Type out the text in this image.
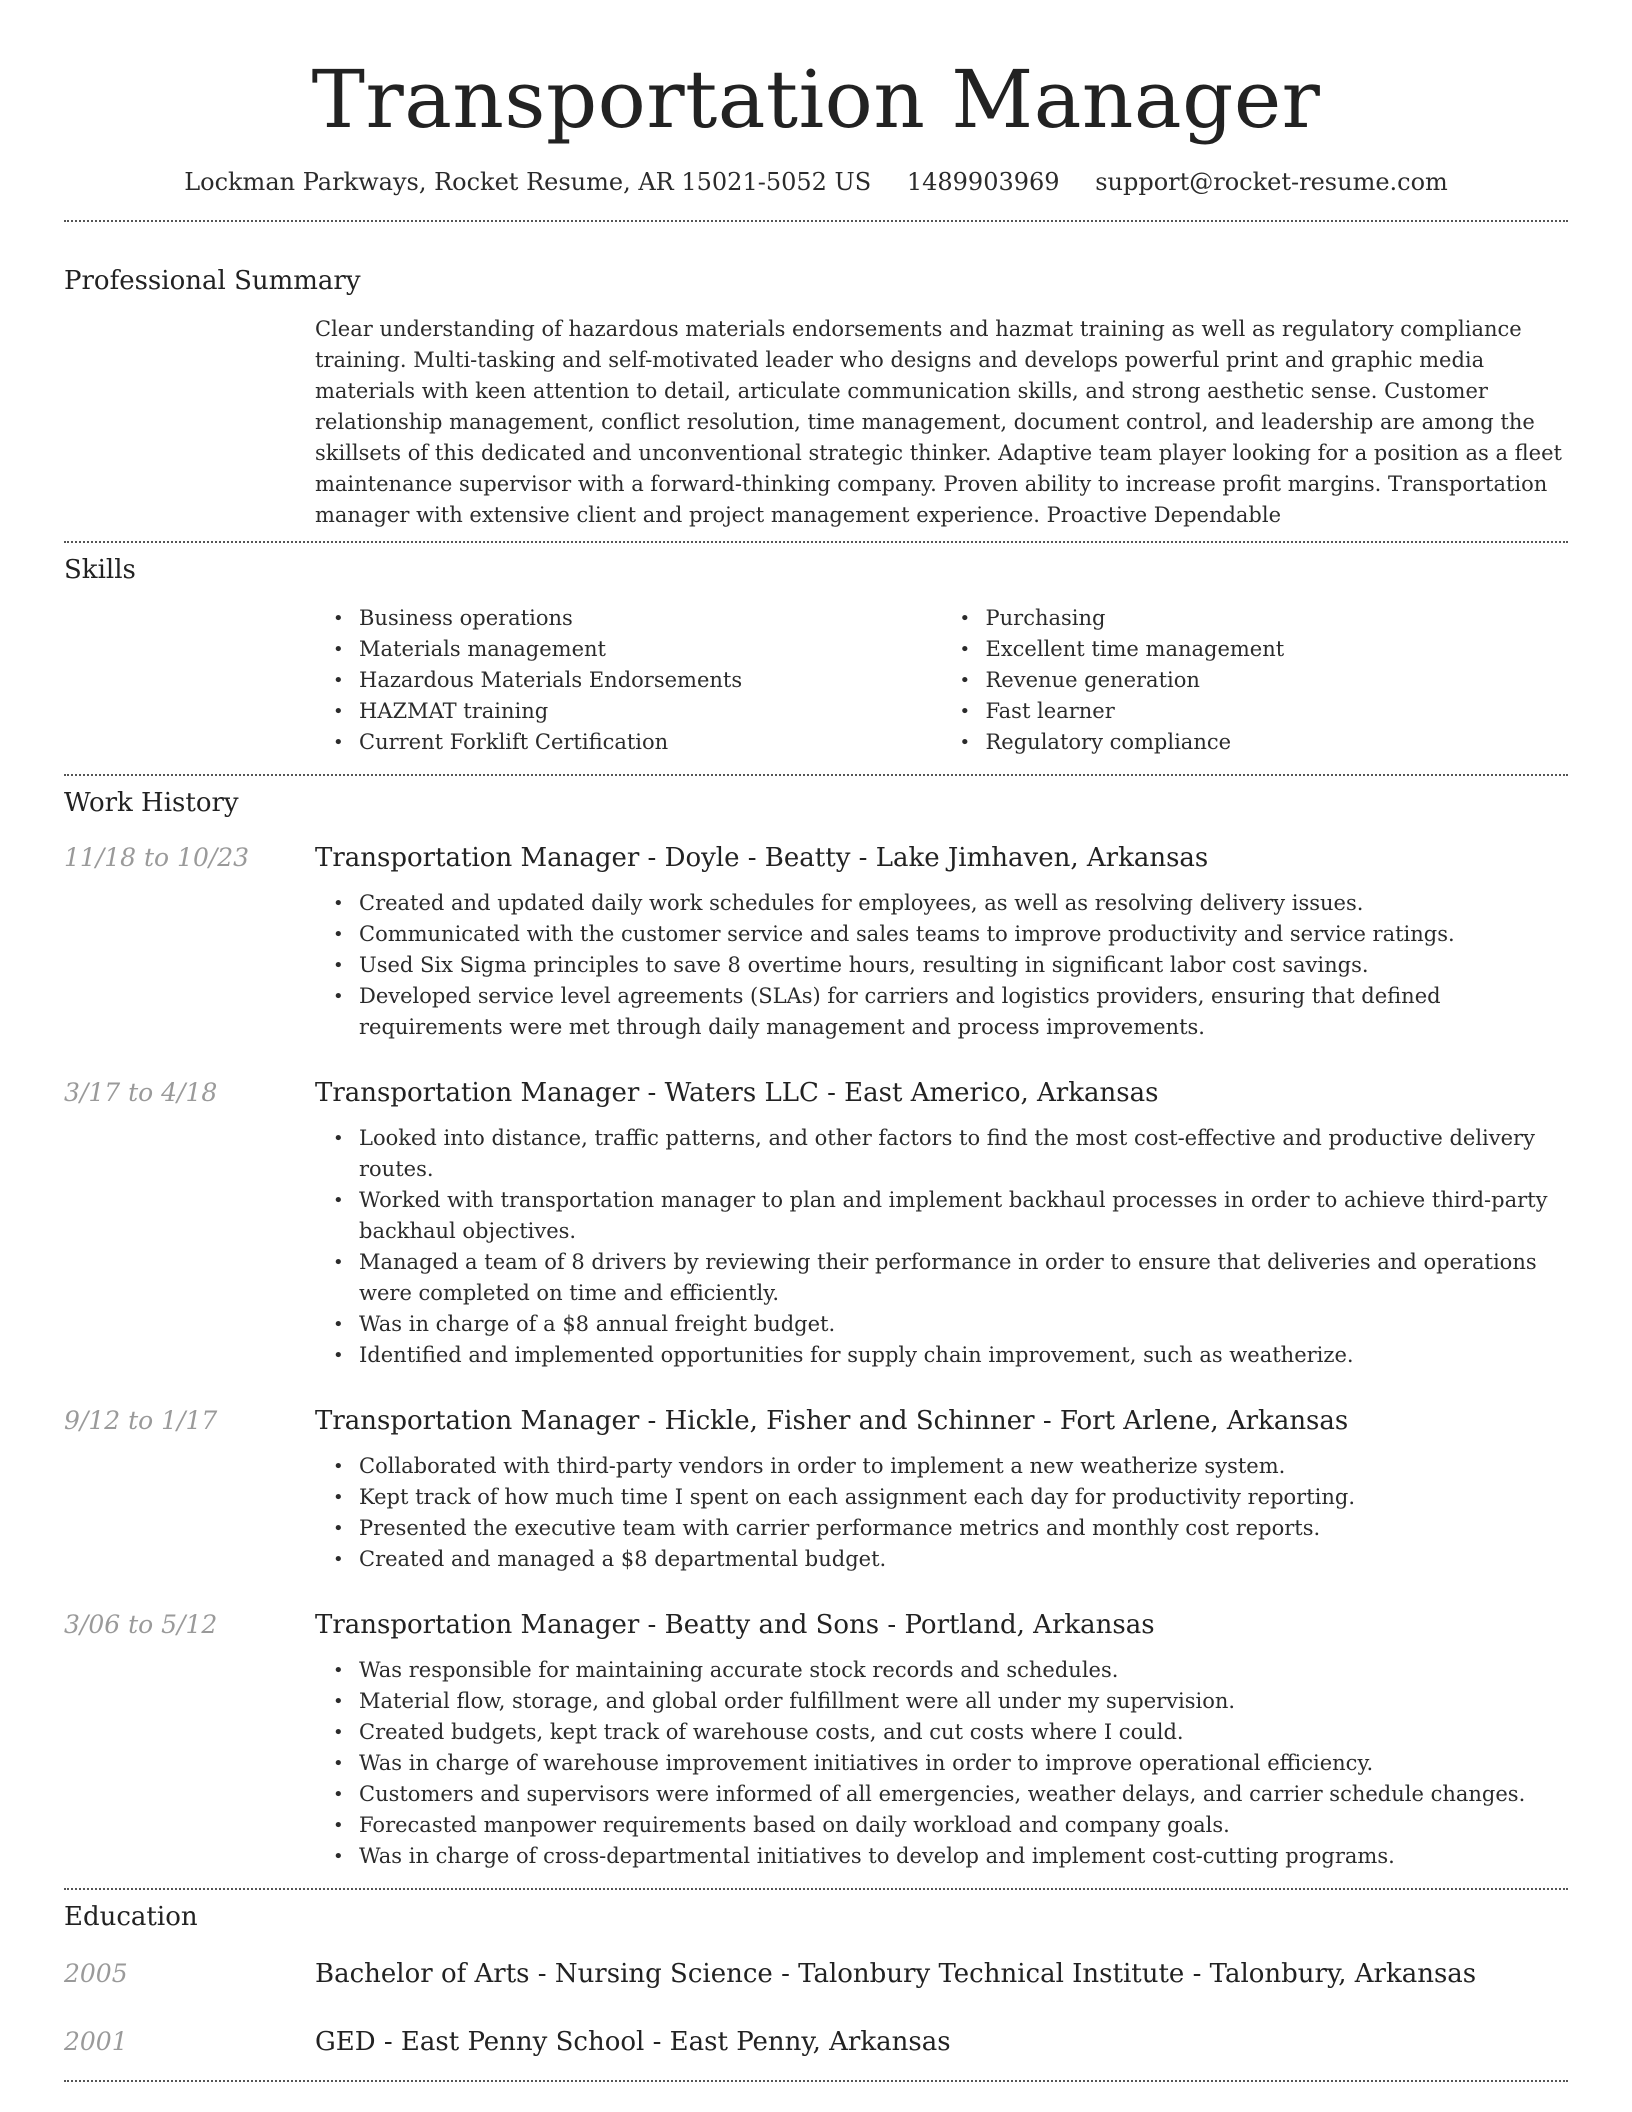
Transportation Manager
Lockman Parkways, Rocket Resume, AR 15021-5052 US 1489903969 support@rocket-resume.com
Professional Summary
Clear understanding of hazardous materials endorsements and hazmat training as well as regulatory compliance training. Multi-tasking and self-motivated leader who designs and develops powerful print and graphic media materials with keen attention to detail, articulate communication skills, and strong aesthetic sense. Customer relationship management, conflict resolution, time management, document control, and leadership are among the skillsets of this dedicated and unconventional strategic thinker. Adaptive team player looking for a position as a fleet maintenance supervisor with a forward-thinking company. Proven ability to increase profit margins. Transportation manager with extensive client and project management experience. Proactive Dependable
Skills
• Business operations
• Materials management
• Hazardous Materials Endorsements
• HAZMAT training
• Current Forklift Certification
• Purchasing
• Excellent time management
• Revenue generation
• Fast learner
• Regulatory compliance
Work History
11/18 to 10/23	Transportation Manager - Doyle - Beatty - Lake Jimhaven, Arkansas
• Created and updated daily work schedules for employees, as well as resolving delivery issues.
• Communicated with the customer service and sales teams to improve productivity and service ratings.
• Used Six Sigma principles to save 8 overtime hours, resulting in significant labor cost savings.
• Developed service level agreements (SLAs) for carriers and logistics providers, ensuring that defined requirements were met through daily management and process improvements.
3/17 to 4/18	Transportation Manager - Waters LLC - East Americo, Arkansas
• Looked into distance, traffic patterns, and other factors to find the most cost-effective and productive delivery routes.
• Worked with transportation manager to plan and implement backhaul processes in order to achieve third-party backhaul objectives.
• Managed a team of 8 drivers by reviewing their performance in order to ensure that deliveries and operations were completed on time and efficiently.
• Was in charge of a $8 annual freight budget.
• Identified and implemented opportunities for supply chain improvement, such as weatherize.
9/12 to 1/17	Transportation Manager - Hickle, Fisher and Schinner - Fort Arlene, Arkansas
• Collaborated with third-party vendors in order to implement a new weatherize system.
• Kept track of how much time I spent on each assignment each day for productivity reporting.
• Presented the executive team with carrier performance metrics and monthly cost reports.
• Created and managed a $8 departmental budget.
3/06 to 5/12	Transportation Manager - Beatty and Sons - Portland, Arkansas
• Was responsible for maintaining accurate stock records and schedules.
• Material flow, storage, and global order fulfillment were all under my supervision.
• Created budgets, kept track of warehouse costs, and cut costs where I could.
• Was in charge of warehouse improvement initiatives in order to improve operational efficiency.
• Customers and supervisors were informed of all emergencies, weather delays, and carrier schedule changes.
• Forecasted manpower requirements based on daily workload and company goals.
• Was in charge of cross-departmental initiatives to develop and implement cost-cutting programs.
Education
2005	Bachelor of Arts - Nursing Science - Talonbury Technical Institute - Talonbury, Arkansas
2001	GED - East Penny School - East Penny, Arkansas
